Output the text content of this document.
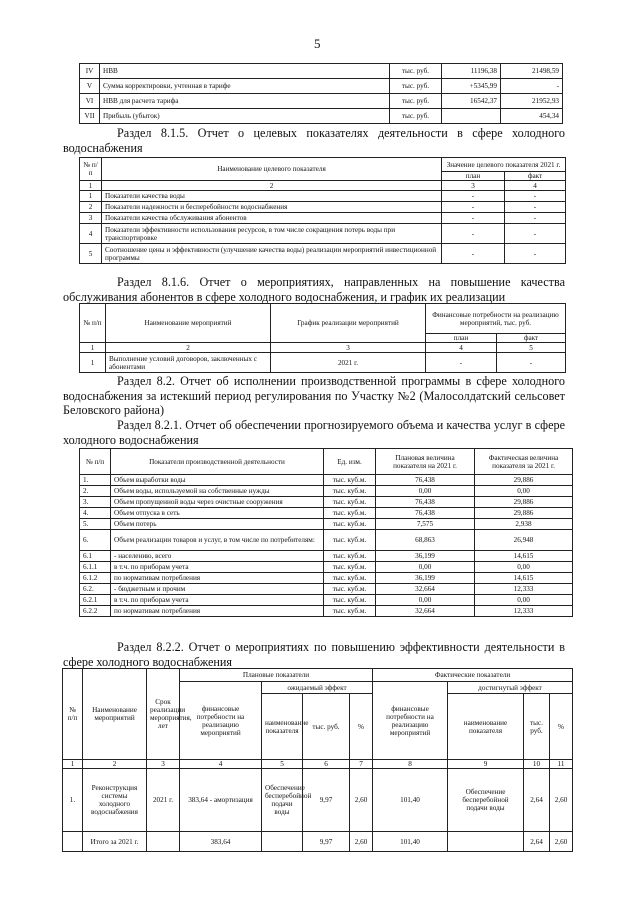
5
IV	НВВ	тыс. руб.	11196,38	21498,59
V	Сумма корректировки, учтенная в тарифе	тыс. руб.	+5345,99	-
VI	НВВ для расчета тарифа	тыс. руб.	16542,37	21952,93
VII	Прибыль (убыток)	тыс. руб.		454,34
Раздел 8.1.5. Отчет о целевых показателях деятельности в сфере холодного водоснабжения
№ п/п	Наименование целевого показателя	Значение целевого показателя 2021 г.	
		план	факт
1	2	3	4
1	Показатели качества воды	-	-
2	Показатели надежности и бесперебойности водоснабжения	-	-
3	Показатели качества обслуживания абонентов	-	-
4	Показатели эффективности использования ресурсов, в том числе сокращения потерь воды при транспортировке	-	-
5	Соотношение цены и эффективности (улучшение качества воды) реализации мероприятий инвестиционной программы	-	-
Раздел 8.1.6. Отчет о мероприятиях, направленных на повышение качества обслуживания абонентов в сфере холодного водоснабжения, и график их реализации
№ п/п	Наименование мероприятий	График реализации мероприятий	Финансовые потребности на реализацию мероприятий, тыс. руб.	
			план	факт
1	2	3	4	5
1	Выполнение условий договоров, заключенных с абонентами	2021 г.	-	-
Раздел 8.2. Отчет об исполнении производственной программы в сфере холодного водоснабжения за истекший период регулирования по Участку №2 (Малосолдатский сельсовет Беловского района)
Раздел 8.2.1. Отчет об обеспечении прогнозируемого объема и качества услуг в сфере холодного водоснабжения
№ п/п	Показатели производственной деятельности	Ед. изм.	Плановая величина показателя на 2021 г.	Фактическая величина показателя за 2021 г.
1.	Объем выработки воды	тыс. куб.м.	76,438	29,886
2.	Объем воды, используемой на собственные нужды	тыс. куб.м.	0,00	0,00
3.	Объем пропущенной воды через очистные сооружения	тыс. куб.м.	76,438	29,886
4.	Объем отпуска в сеть	тыс. куб.м.	76,438	29,886
5.	Объем потерь	тыс. куб.м.	7,575	2,938
6.	Объем реализации товаров и услуг, в том числе по потребителям:	тыс. куб.м.	68,863	26,948
6.1	- населению, всего	тыс. куб.м.	36,199	14,615
6.1.1	в т.ч. по приборам учета	тыс. куб.м.	0,00	0,00
6.1.2	по нормативам потребления	тыс. куб.м.	36,199	14,615
6.2.	- бюджетным и прочим	тыс. куб.м.	32,664	12,333
6.2.1	в т.ч. по приборам учета	тыс. куб.м.	0,00	0,00
6.2.2	по нормативам потребления	тыс. куб.м.	32,664	12,333
Раздел 8.2.2. Отчет о мероприятиях по повышению эффективности деятельности в сфере холодного водоснабжения
№ п/п	Наименование мероприятий	Срок реализации мероприятия, лет	Плановые показатели				Фактические показатели			
			финансовые потребности на реализацию мероприятий	ожидаемый эффект			финансовые потребности на реализацию мероприятий	достигнутый эффект		
				наименование показателя	тыс. руб.	%		наименование показателя	тыс. руб.	%
1	2	3	4	5	6	7	8	9	10	11
1.	Реконструкция системы холодного водоснабжения	2021 г.	383,64 - амортизация	Обеспечение бесперебойной подачи воды	9,97	2,60	101,40	Обеспечение бесперебойной подачи воды	2,64	2,60
	Итого за 2021 г.		383,64		9,97	2,60	101,40		2,64	2,60
